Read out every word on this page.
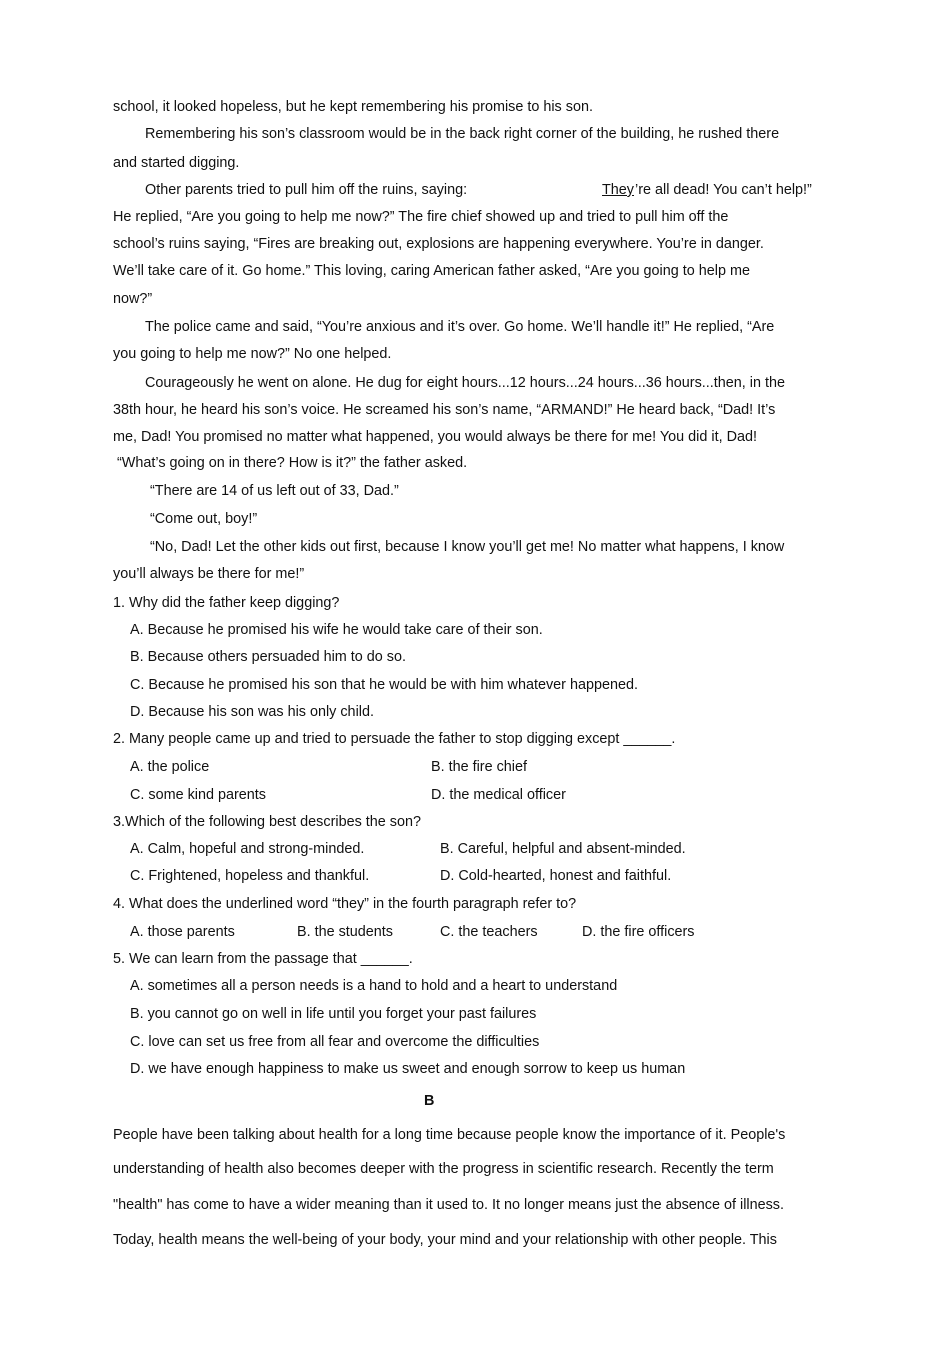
school, it looked hopeless, but he kept remembering his promise to his son.
Remembering his son’s classroom would be in the back right corner of the building, he rushed there
and started digging.
Other parents tried to pull him off the ruins, saying:	They ’re all dead! You can’t help!”
He replied, “Are you going to help me now?” The fire chief showed up and tried to pull him off the
school’s ruins saying, “Fires are breaking out, explosions are happening everywhere. You’re in danger.
We’ll take care of it. Go home.” This loving, caring American father asked, “Are you going to help me
now?”
The police came and said, “You’re anxious and it’s over. Go home. We’ll handle it!” He replied, “Are
you going to help me now?” No one helped.
Courageously he went on alone. He dug for eight hours...12 hours...24 hours...36 hours...then, in the
38th hour, he heard his son’s voice. He screamed his son’s name, “ARMAND!” He heard back, “Dad! It’s
me, Dad! You promised no matter what happened, you would always be there for me! You did it, Dad!
“What’s going on in there? How is it?” the father asked.
“There are 14 of us left out of 33, Dad.”
“Come out, boy!”
“No, Dad! Let the other kids out first, because I know you’ll get me! No matter what happens, I know
you’ll always be there for me!”
1. Why did the father keep digging?
A. Because he promised his wife he would take care of their son.
B. Because others persuaded him to do so.
C. Because he promised his son that he would be with him whatever happened.
D. Because his son was his only child.
2. Many people came up and tried to persuade the father to stop digging except ______.
A. the police	B. the fire chief
C. some kind parents	D. the medical officer
3.Which of the following best describes the son?
A. Calm, hopeful and strong-minded.	B. Careful, helpful and absent-minded.
C. Frightened, hopeless and thankful.	D. Cold-hearted, honest and faithful.
4. What does the underlined word “they” in the fourth paragraph refer to?
A. those parents	B. the students	C. the teachers	D. the fire officers
5. We can learn from the passage that ______.
A. sometimes all a person needs is a hand to hold and a heart to understand
B. you cannot go on well in life until you forget your past failures
C. love can set us free from all fear and overcome the difficulties
D. we have enough happiness to make us sweet and enough sorrow to keep us human
B
People have been talking about health for a long time because people know the importance of it. People's
understanding of health also becomes deeper with the progress in scientific research. Recently the term
"health" has come to have a wider meaning than it used to. It no longer means just the absence of illness.
Today, health means the well-being of your body, your mind and your relationship with other people. This
